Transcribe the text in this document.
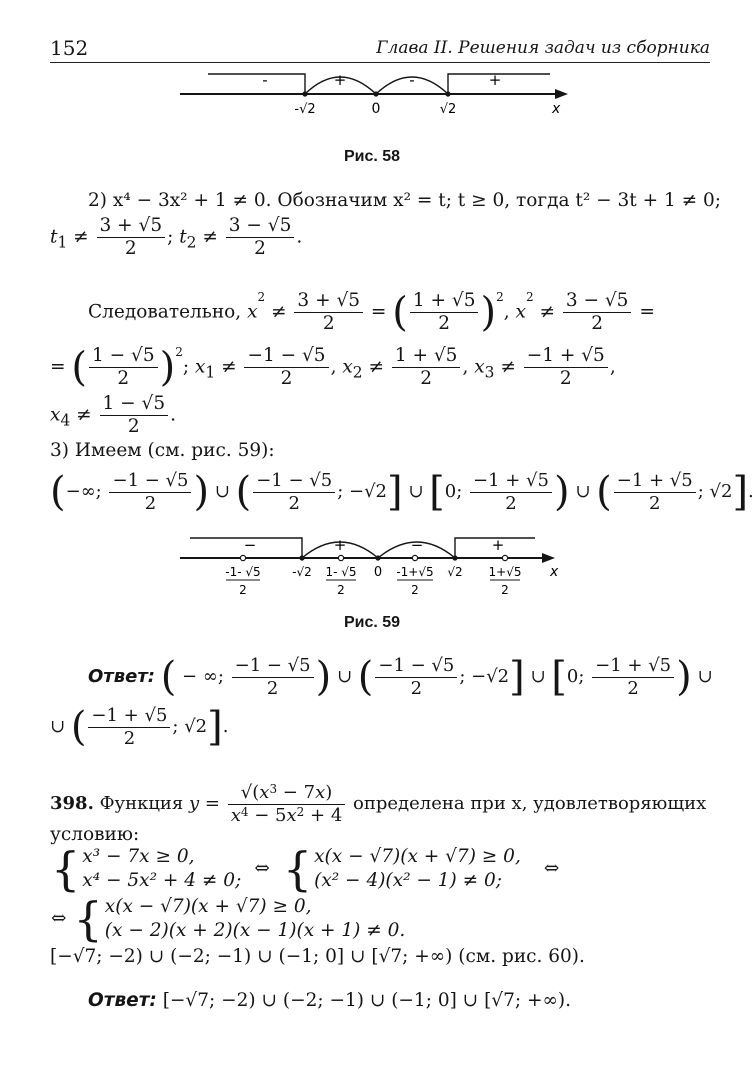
152	Глава II. Решения задач из сборника
-	+	-	+
-√2	0	√2	x
Рис. 58
2) x⁴ − 3x² + 1 ≠ 0. Обозначим x² = t; t ≥ 0, тогда t² − 3t + 1 ≠ 0;
$t_1 \ne \frac{3 + √5}{2}$ ; $t_2 \ne \frac{3 - √5}{2}$ .
Следовательно, $x^2 \ne \frac{3 + √5}{2}$ = ( $\frac{1 + √5}{2} )^2$, $x^2 \ne \frac{3 - √5}{2}$ =
= ( $\frac{1 - √5}{2} )^2$; $x_1 \ne \frac{-1 - √5}{2}$ , $x_2 \ne \frac{1 + √5}{2}$ , $x_3 \ne \frac{-1 + √5}{2}$ ,
$x_4 \ne \frac{1 - √5}{2}$ .
3) Имеем (см. рис. 59):
(−∞; $\frac{-1 - √5}{2}$ ) ∪ ( $\frac{-1 - √5}{2}$ ; −√2] ∪ [0; $\frac{-1 + √5}{2}$ ) ∪ ( $\frac{-1 + √5}{2}$ ; √2].
−	+	−	+
-1- √5
2
-√2 1- √5
2
0 -1+√5
2
√2 1+√5
2
x
Рис. 59
Ответ: ( − ∞; $\frac{-1 - √5}{2}$ ) ∪ ( $\frac{-1 - √5}{2}$ ; −√2] ∪ [0; $\frac{-1 + √5}{2}$ ) ∪
∪ ( $\frac{-1 + √5}{2}$ ; √2].
398. Функция $y = \frac{√(x^3 - 7x)}{x^4 - 5x^2 + 4}$ определена при x, удовлетворяющих
условию:
{	x³ − 7x ≥ 0,	⇔	{	x(x − √7)(x + √7) ≥ 0,	⇔
	x⁴ − 5x² + 4 ≠ 0;			(x² − 4)(x² − 1) ≠ 0;	
⇔	{	x(x − √7)(x + √7) ≥ 0,
(x − 2)(x + 2)(x − 1)(x + 1) ≠ 0.
[−√7; −2) ∪ (−2; −1) ∪ (−1; 0] ∪ [√7; +∞) (см. рис. 60).
Ответ: [−√7; −2) ∪ (−2; −1) ∪ (−1; 0] ∪ [√7; +∞).
